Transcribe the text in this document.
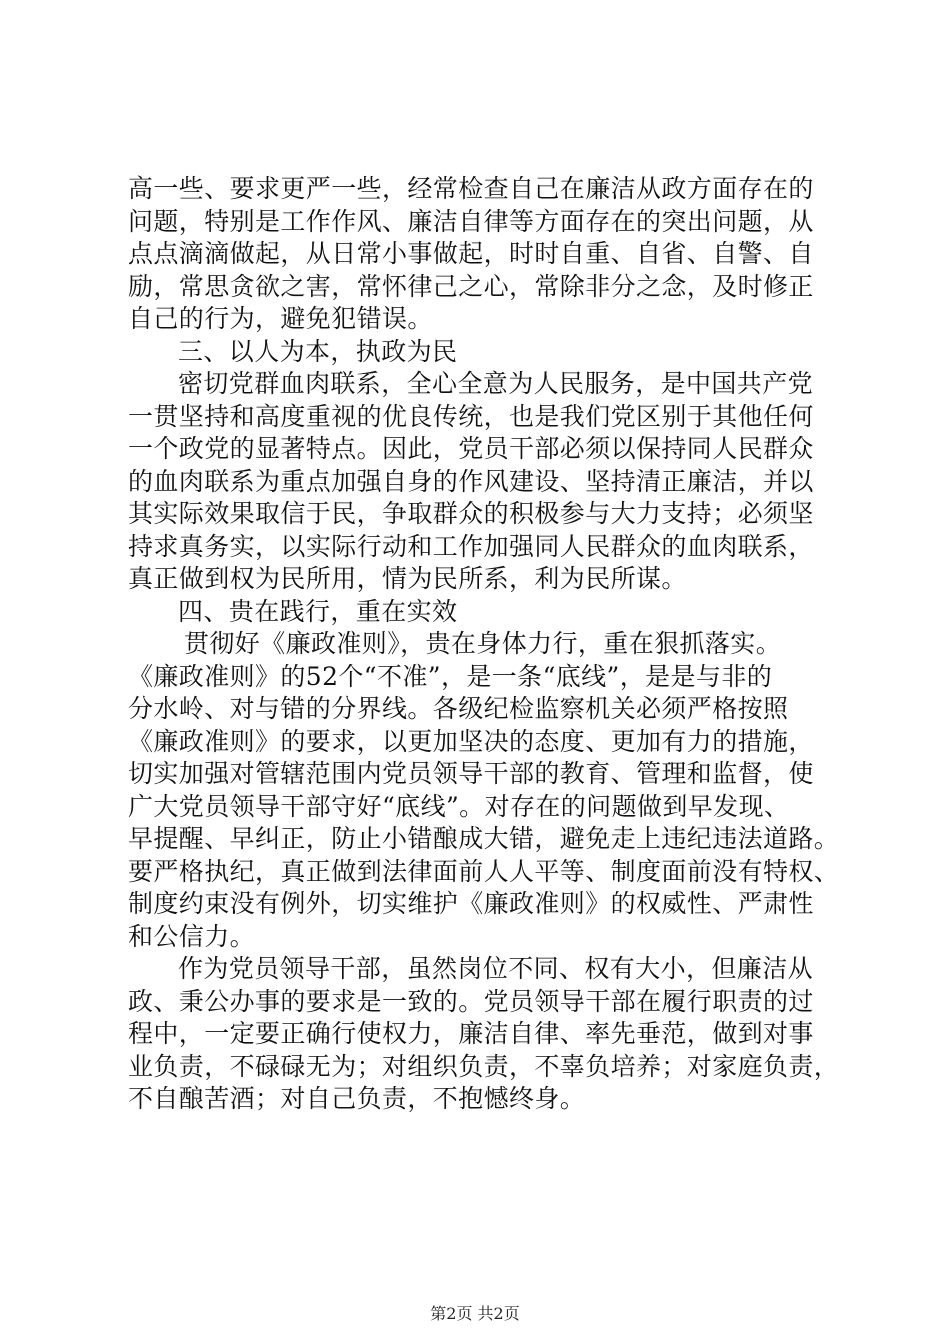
高一些、要求更严一些，经常检查自己在廉洁从政方面存在的
问题，特别是工作作风、廉洁自律等方面存在的突出问题，从
点点滴滴做起，从日常小事做起，时时自重、自省、自警、自
励，常思贪欲之害，常怀律己之心，常除非分之念，及时修正
自己的行为，避免犯错误。
三、以人为本，执政为民
密切党群血肉联系，全心全意为人民服务，是中国共产党
一贯坚持和高度重视的优良传统，也是我们党区别于其他任何
一个政党的显著特点。因此，党员干部必须以保持同人民群众
的血肉联系为重点加强自身的作风建设、坚持清正廉洁，并以
其实际效果取信于民，争取群众的积极参与大力支持；必须坚
持求真务实，以实际行动和工作加强同人民群众的血肉联系，
真正做到权为民所用，情为民所系，利为民所谋。
四、贵在践行，重在实效
贯彻好《廉政准则》，贵在身体力行，重在狠抓落实。
《廉政准则》的52个“不准”，是一条“底线”，是是与非的
分水岭、对与错的分界线。各级纪检监察机关必须严格按照
《廉政准则》的要求，以更加坚决的态度、更加有力的措施，
切实加强对管辖范围内党员领导干部的教育、管理和监督，使
广大党员领导干部守好“底线”。对存在的问题做到早发现、
早提醒、早纠正，防止小错酿成大错，避免走上违纪违法道路。
要严格执纪，真正做到法律面前人人平等、制度面前没有特权、
制度约束没有例外，切实维护《廉政准则》的权威性、严肃性
和公信力。
作为党员领导干部，虽然岗位不同、权有大小，但廉洁从
政、秉公办事的要求是一致的。党员领导干部在履行职责的过
程中，一定要正确行使权力，廉洁自律、率先垂范，做到对事
业负责，不碌碌无为；对组织负责，不辜负培养；对家庭负责，
不自酿苦酒；对自己负责，不抱憾终身。
第2页 共2页
